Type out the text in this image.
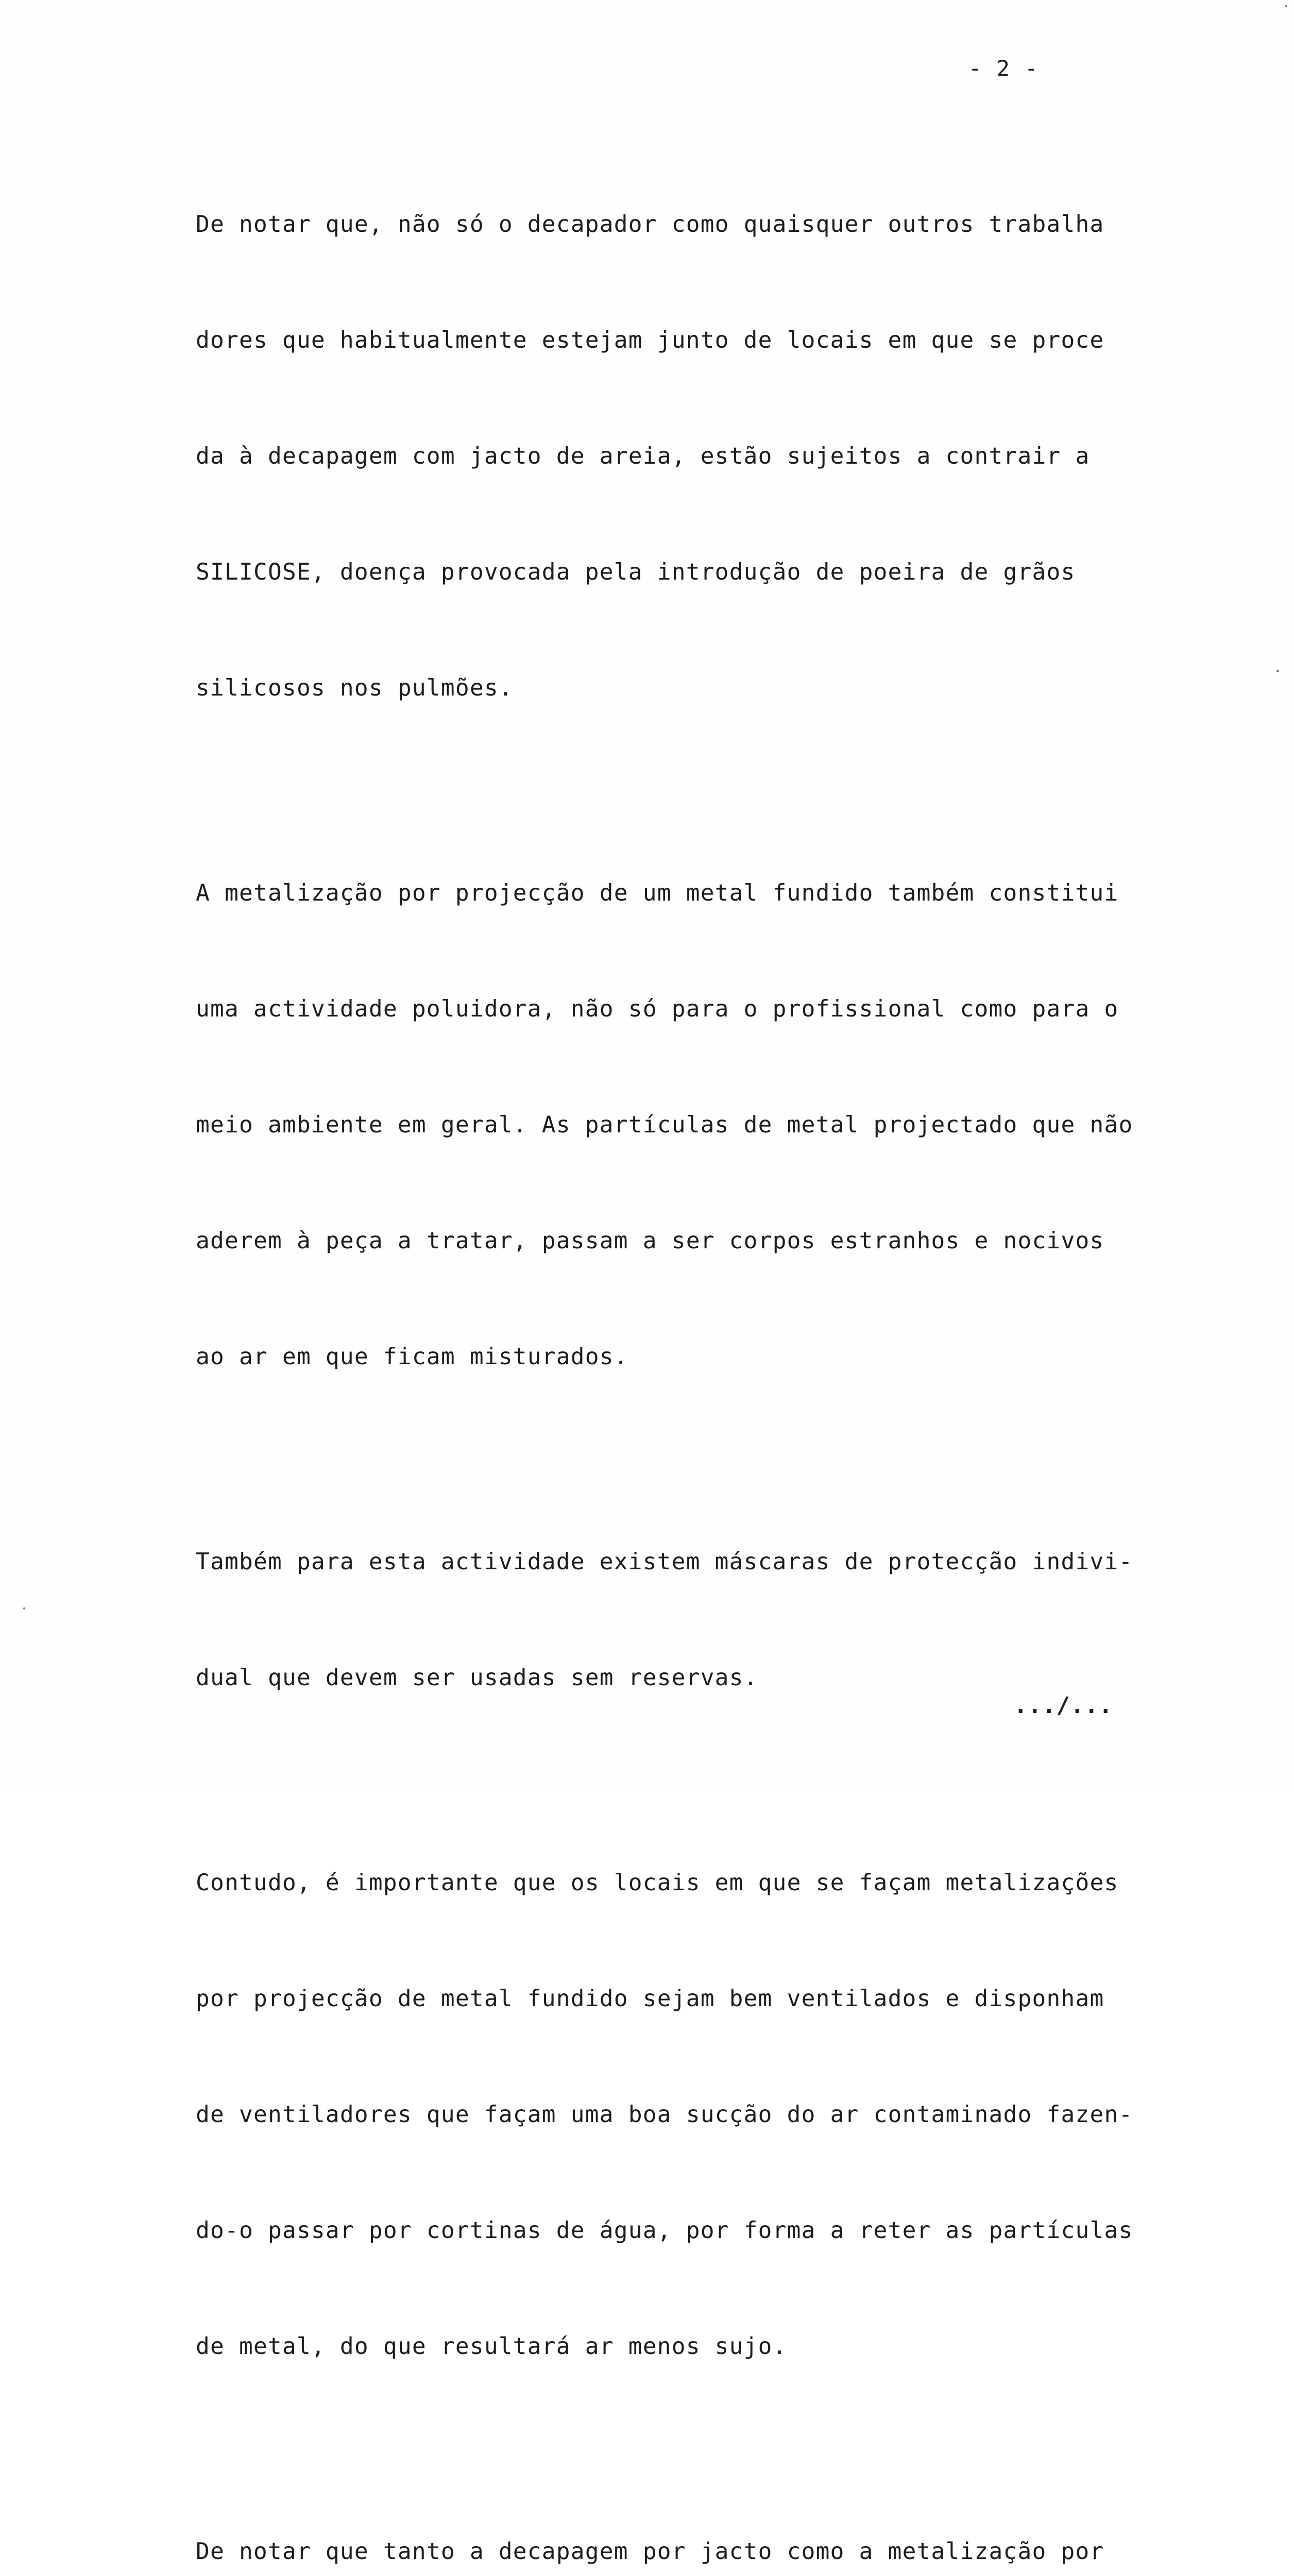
- 2 -

De notar que, não só o decapador como quaisquer outros trabalha

dores que habitualmente estejam junto de locais em que se proce

da à decapagem com jacto de areia, estão sujeitos a contrair a

SILICOSE, doença provocada pela introdução de poeira de grãos

silicosos nos pulmões.

A metalização por projecção de um metal fundido também constitui

uma actividade poluidora, não só para o profissional como para o

meio ambiente em geral. As partículas de metal projectado que não

aderem à peça a tratar, passam a ser corpos estranhos e nocivos

ao ar em que ficam misturados.

Também para esta actividade existem máscaras de protecção indivi-

dual que devem ser usadas sem reservas.

Contudo, é importante que os locais em que se façam metalizações

por projecção de metal fundido sejam bem ventilados e disponham

de ventiladores que façam uma boa sucção do ar contaminado fazen-

do-o passar por cortinas de água, por forma a reter as partículas

de metal, do que resultará ar menos sujo.

De notar que tanto a decapagem por jacto como a metalização por

.../...
